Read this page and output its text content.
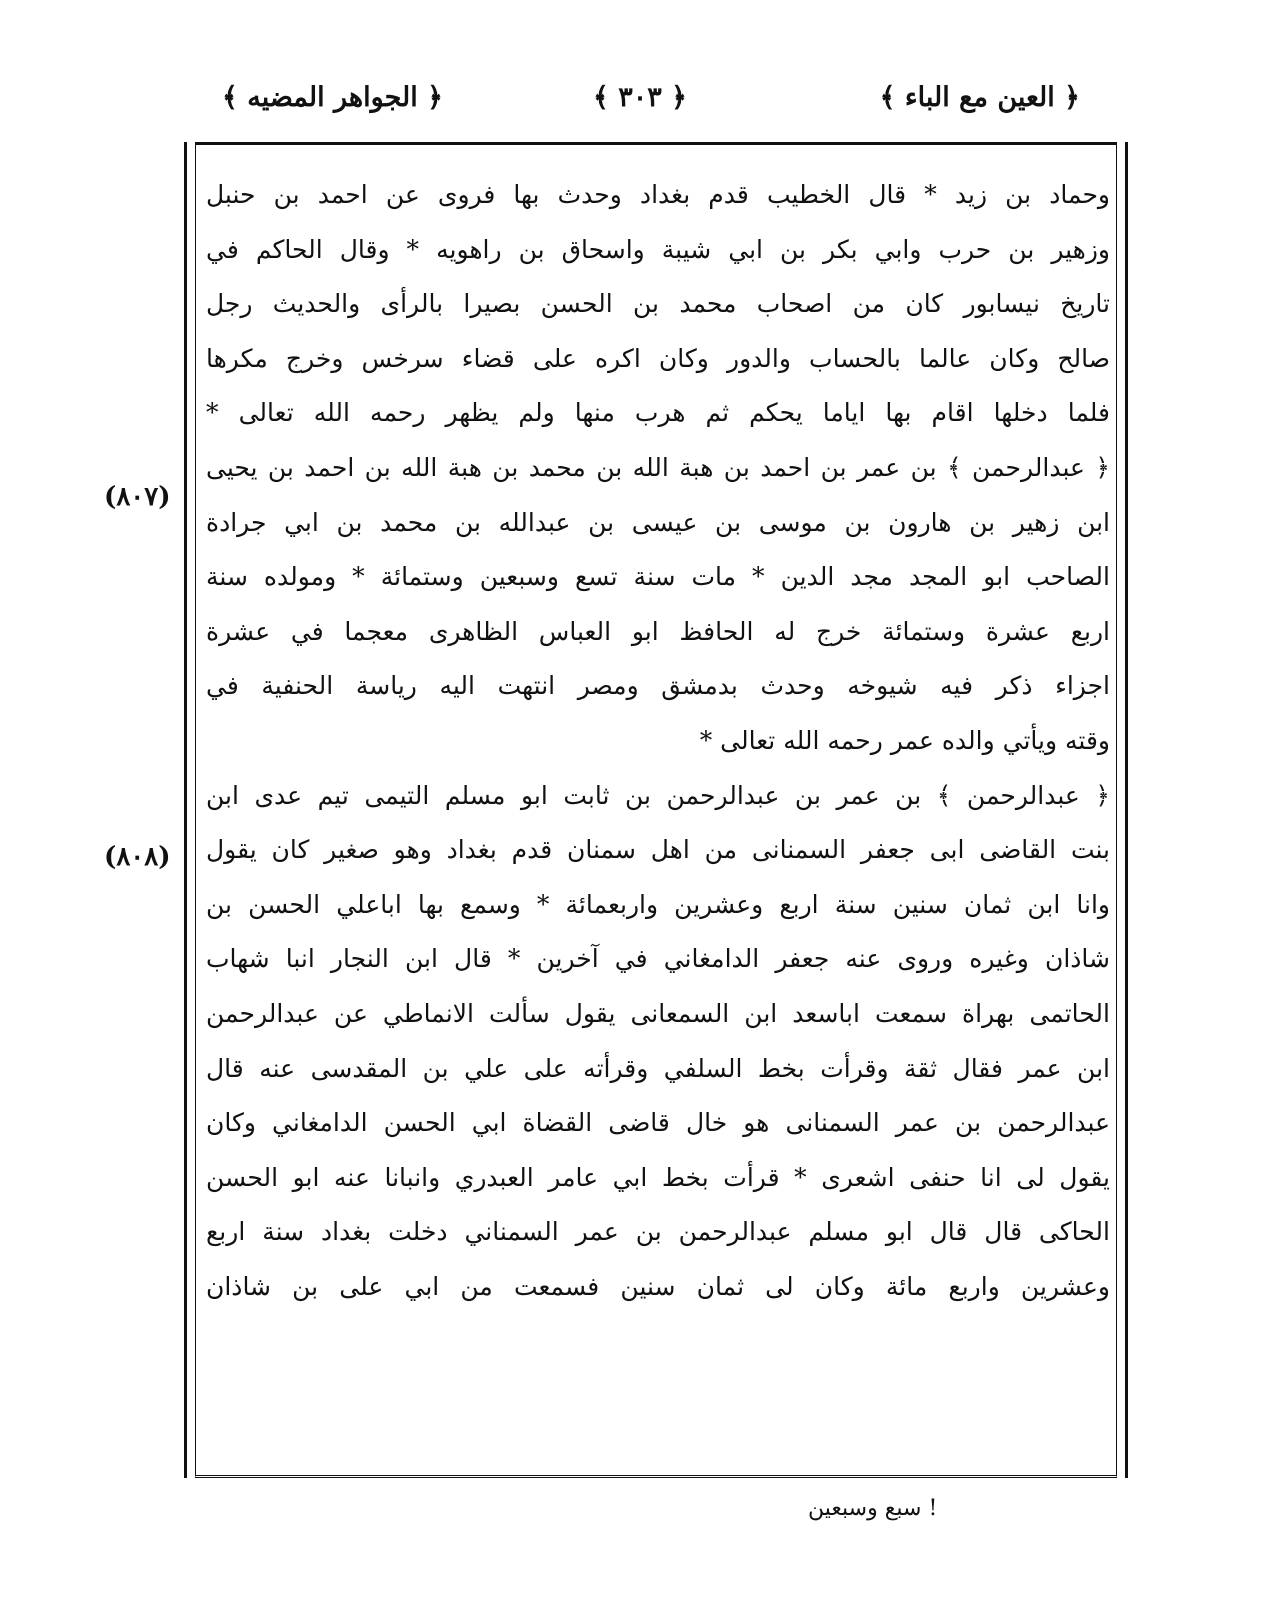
﴿ العين مع الباء ﴾
﴿ ٣٠٣ ﴾
﴿ الجواهر المضيه ﴾
(٨٠٧)
(٨٠٨)
وحماد بن زيد * قال الخطيب قدم بغداد وحدث بها فروى عن احمد بن حنبل
وزهير بن حرب وابي بكر بن ابي شيبة واسحاق بن راهويه * وقال الحاكم في
تاريخ نيسابور كان من اصحاب محمد بن الحسن بصيرا بالرأى والحديث رجل
صالح وكان عالما بالحساب والدور وكان اكره على قضاء سرخس وخرج مكرها
فلما دخلها اقام بها اياما يحكم ثم هرب منها ولم يظهر رحمه الله تعالى *
﴿ عبدالرحمن ﴾ بن عمر بن احمد بن هبة الله بن محمد بن هبة الله بن احمد بن يحيى
ابن زهير بن هارون بن موسى بن عيسى بن عبدالله بن محمد بن ابي جرادة
الصاحب ابو المجد مجد الدين * مات سنة تسع وسبعين وستمائة * ومولده سنة
اربع عشرة وستمائة خرج له الحافظ ابو العباس الظاهرى معجما في عشرة
اجزاء ذكر فيه شيوخه وحدث بدمشق ومصر انتهت اليه رياسة الحنفية في
وقته ويأتي والده عمر رحمه الله تعالى *
﴿ عبدالرحمن ﴾ بن عمر بن عبدالرحمن بن ثابت ابو مسلم التيمى تيم عدى ابن
بنت القاضى ابى جعفر السمنانى من اهل سمنان قدم بغداد وهو صغير كان يقول
وانا ابن ثمان سنين سنة اربع وعشرين واربعمائة * وسمع بها اباعلي الحسن بن
شاذان وغيره وروى عنه جعفر الدامغاني في آخرين * قال ابن النجار انبا شهاب
الحاتمى بهراة سمعت اباسعد ابن السمعانى يقول سألت الانماطي عن عبدالرحمن
ابن عمر فقال ثقة وقرأت بخط السلفي وقرأته على علي بن المقدسى عنه قال
عبدالرحمن بن عمر السمنانى هو خال قاضى القضاة ابي الحسن الدامغاني وكان
يقول لى انا حنفى اشعرى * قرأت بخط ابي عامر العبدري وانبانا عنه ابو الحسن
الحاكى قال قال ابو مسلم عبدالرحمن بن عمر السمناني دخلت بغداد سنة اربع
وعشرين واربع مائة وكان لى ثمان سنين فسمعت من ابي على بن شاذان
! سبع وسبعين
